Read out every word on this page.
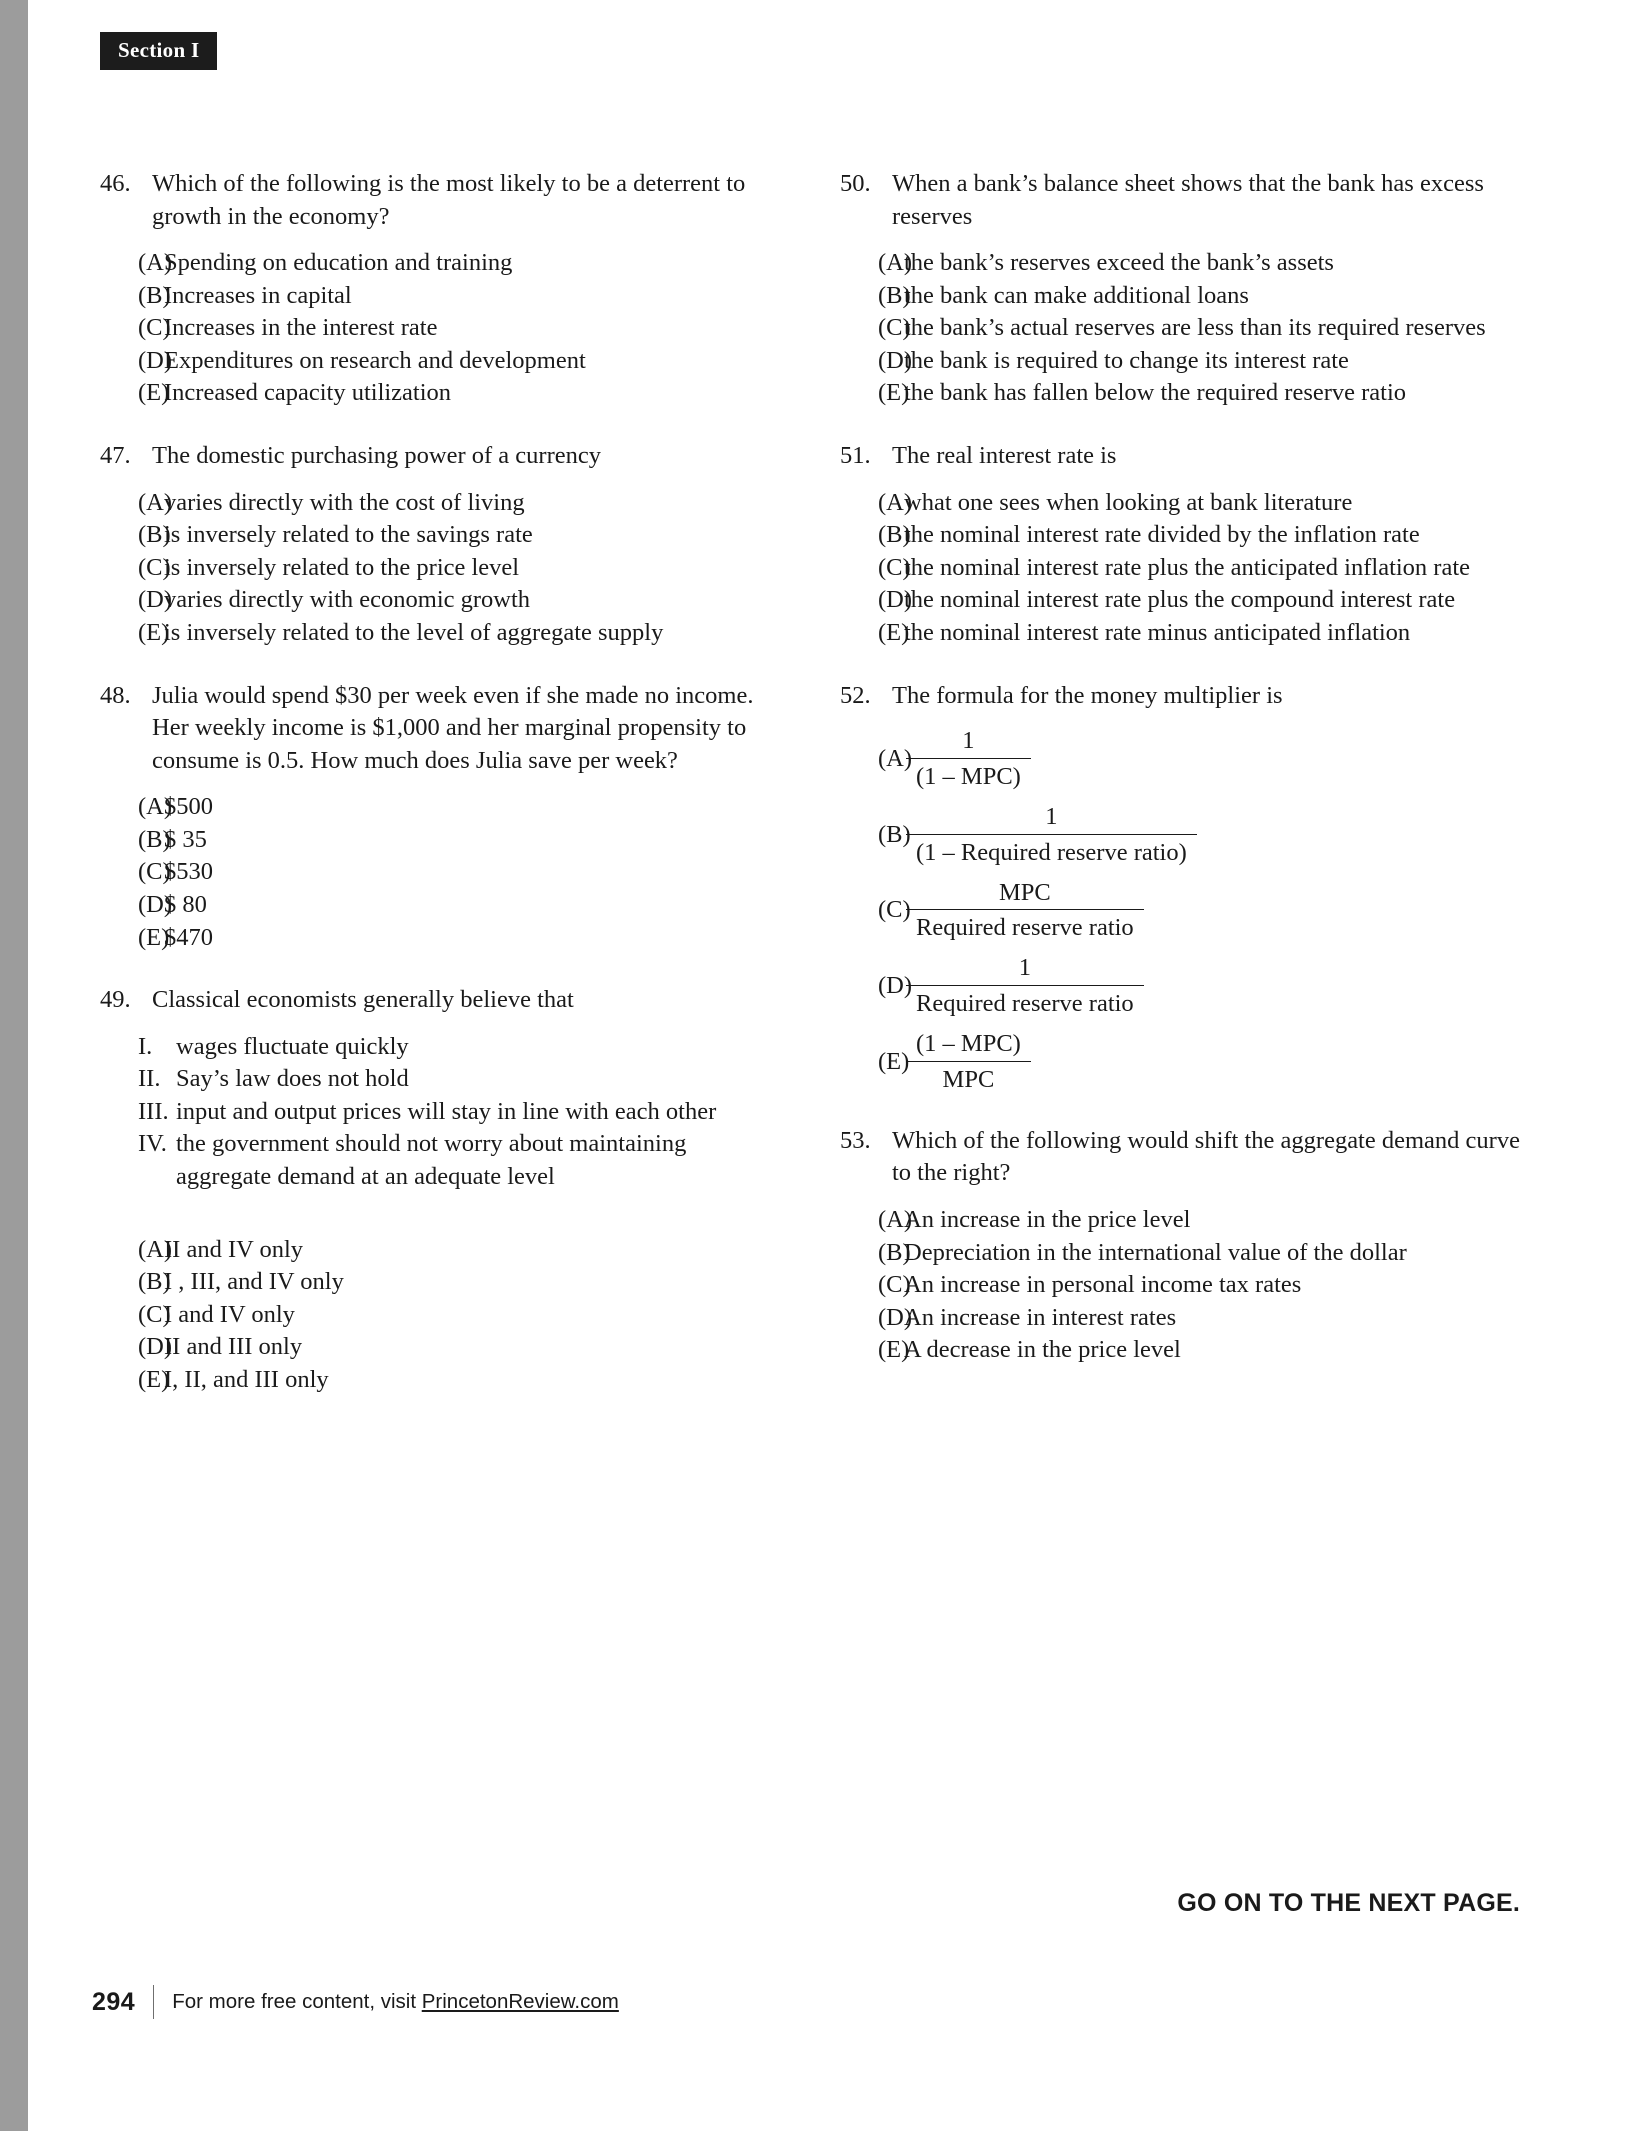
Section I
46. Which of the following is the most likely to be a deterrent to growth in the economy?
(A)
Spending on education and training
(B)
Increases in capital
(C)
Increases in the interest rate
(D)
Expenditures on research and development
(E)
Increased capacity utilization
47. The domestic purchasing power of a currency
(A)
varies directly with the cost of living
(B)
is inversely related to the savings rate
(C)
is inversely related to the price level
(D)
varies directly with economic growth
(E)
is inversely related to the level of aggregate supply
48. Julia would spend $30 per week even if she made no income. Her weekly income is $1,000 and her marginal propensity to consume is 0.5. How much does Julia save per week?
(A)
$500
(B)
$ 35
(C)
$530
(D)
$ 80
(E)
$470
49. Classical economists generally believe that
I. wages fluctuate quickly
II. Say’s law does not hold
III. input and output prices will stay in line with each other
IV. the government should not worry about maintaining aggregate demand at an adequate level
(A)
II and IV only
(B)
I , III, and IV only
(C)
I and IV only
(D)
II and III only
(E)
I, II, and III only
50. When a bank’s balance sheet shows that the bank has excess reserves
(A)
the bank’s reserves exceed the bank’s assets
(B)
the bank can make additional loans
(C)
the bank’s actual reserves are less than its required reserves
(D)
the bank is required to change its interest rate
(E)
the bank has fallen below the required reserve ratio
51. The real interest rate is
(A)
what one sees when looking at bank literature
(B)
the nominal interest rate divided by the inflation rate
(C)
the nominal interest rate plus the anticipated inflation rate
(D)
the nominal interest rate plus the compound interest rate
(E)
the nominal interest rate minus anticipated inflation
52. The formula for the money multiplier is
(A)
$\frac{1}{\text{(1 – MPC)}}$
(B)
$\frac{1}{\text{(1 – Required reserve ratio)}}$
(C)
$\frac{\text{MPC}}{\text{Required reserve ratio}}$
(D)
$\frac{1}{\text{Required reserve ratio}}$
(E)
$\frac{\text{(1 – MPC)}}{\text{MPC}}$
53. Which of the following would shift the aggregate demand curve to the right?
(A)
An increase in the price level
(B)
Depreciation in the international value of the dollar
(C)
An increase in personal income tax rates
(D)
An increase in interest rates
(E)
A decrease in the price level
GO ON TO THE NEXT PAGE.
294 For more free content, visit PrincetonReview.com
